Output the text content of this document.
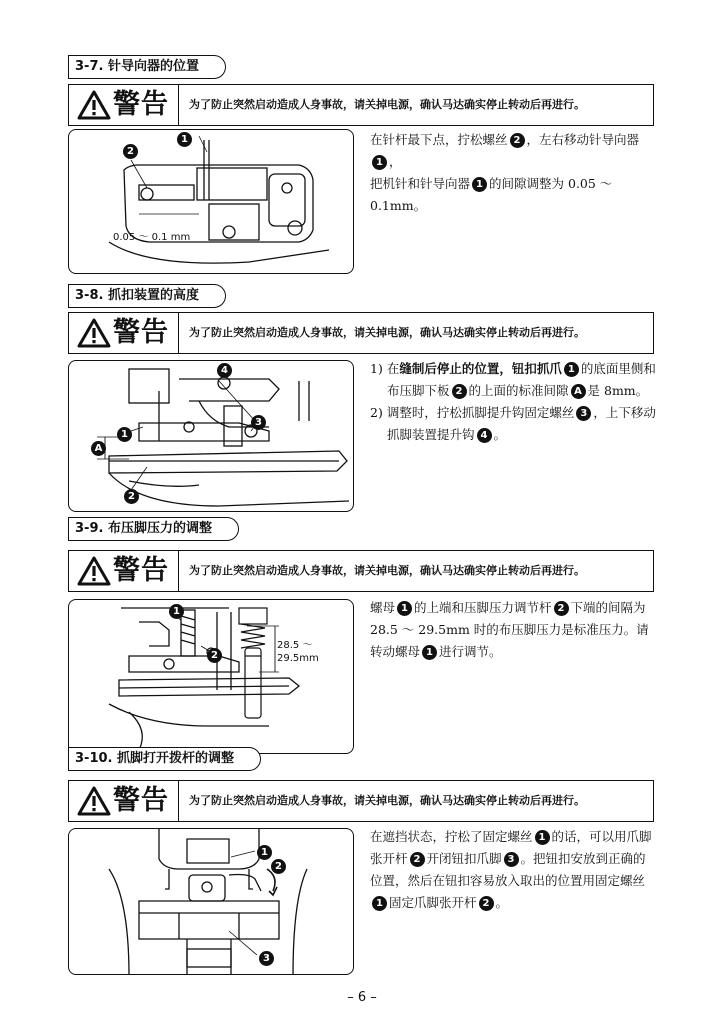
3-7. 针导向器的位置
警告 为了防止突然启动造成人身事故，请关掉电源，确认马达确实停止转动后再进行。
1
2
0.05 ～ 0.1 mm

在针杆最下点，拧松螺丝 2 ，左右移动针导向器1 ，
把机针和针导向器 1 的间隙调整为 0.05 ～ 0.1mm。

3-8. 抓扣装置的高度
警告 为了防止突然启动造成人身事故，请关掉电源，确认马达确实停止转动后再进行。
1
2
3
4
A

1) 在缝制后停止的位置，钮扣抓爪 1 的底面里侧和布压脚下板 2 的上面的标准间隙 A 是 8mm。

2) 调整时，拧松抓脚提升钩固定螺丝 3 ，上下移动抓脚装置提升钩 4 。

3-9. 布压脚压力的调整
警告 为了防止突然启动造成人身事故，请关掉电源，确认马达确实停止转动后再进行。
1
2
28.5 ～
29.5mm

螺母 1 的上端和压脚压力调节杆 2 下端的间隔为 28.5 ～ 29.5mm 时的布压脚压力是标准压力。请转动螺母 1 进行调节。

3-10. 抓脚打开拨杆的调整
警告 为了防止突然启动造成人身事故，请关掉电源，确认马达确实停止转动后再进行。
1
2
3

在遮挡状态，拧松了固定螺丝 1 的话，可以用爪脚张开杆 2 开闭钮扣爪脚 3 。把钮扣安放到正确的位置，然后在钮扣容易放入取出的位置用固定螺丝1 固定爪脚张开杆 2 。

– 6 –
